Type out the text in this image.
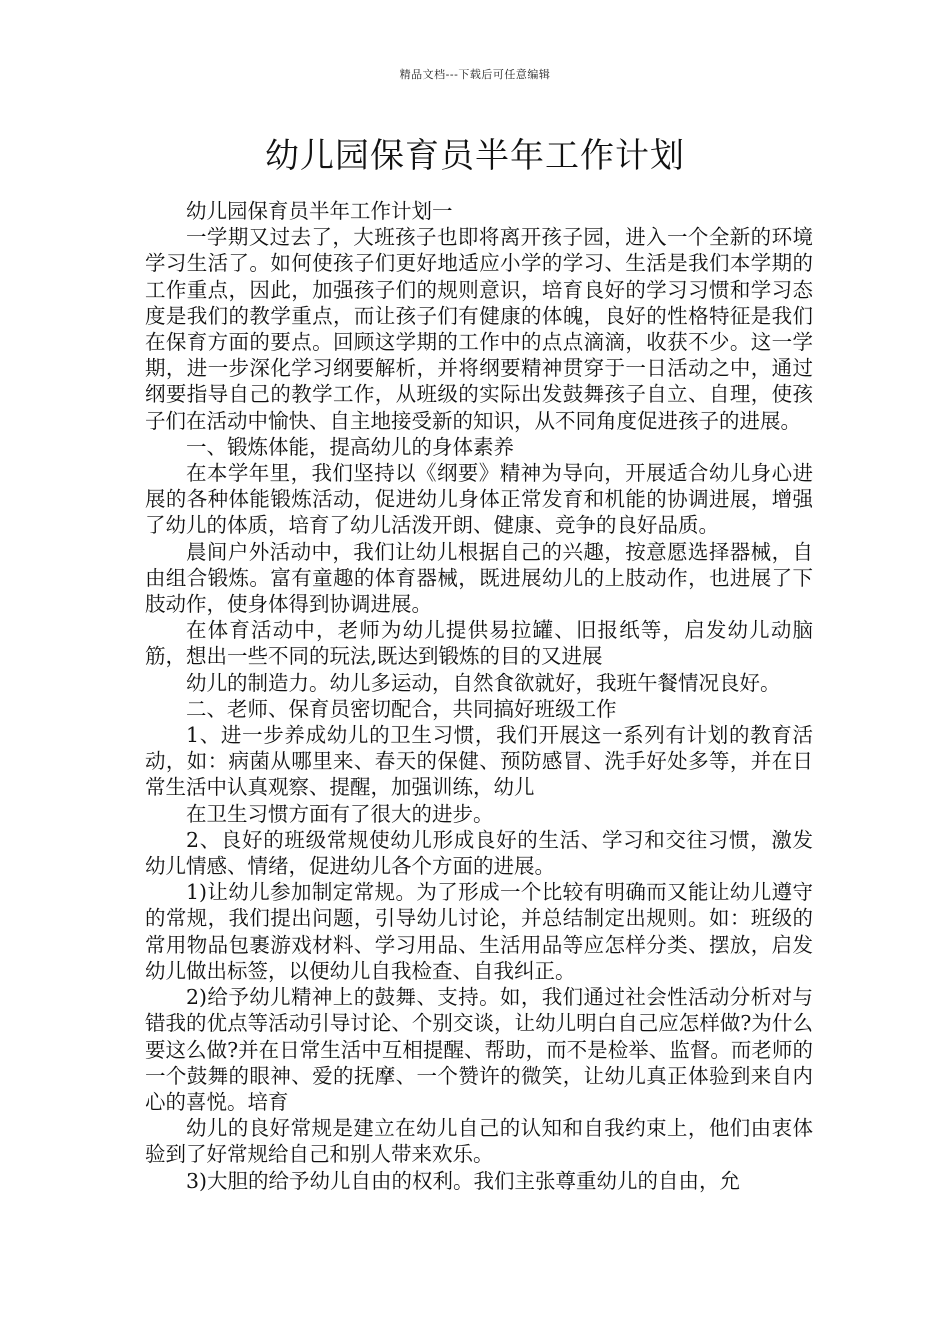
精品文档---下载后可任意编辑
幼儿园保育员半年工作计划

幼儿园保育员半年工作计划一

一学期又过去了，大班孩子也即将离开孩子园，进入一个全新的环境学习生活了。如何使孩子们更好地适应小学的学习、生活是我们本学期的工作重点，因此，加强孩子们的规则意识，培育良好的学习习惯和学习态度是我们的教学重点，而让孩子们有健康的体魄，良好的性格特征是我们在保育方面的要点。回顾这学期的工作中的点点滴滴，收获不少。这一学期，进一步深化学习纲要解析，并将纲要精神贯穿于一日活动之中，通过纲要指导自己的教学工作，从班级的实际出发鼓舞孩子自立、自理，使孩子们在活动中愉快、自主地接受新的知识，从不同角度促进孩子的进展。

一、锻炼体能，提高幼儿的身体素养

在本学年里，我们坚持以《纲要》精神为导向，开展适合幼儿身心进展的各种体能锻炼活动，促进幼儿身体正常发育和机能的协调进展，增强了幼儿的体质，培育了幼儿活泼开朗、健康、竞争的良好品质。

晨间户外活动中，我们让幼儿根据自己的兴趣，按意愿选择器械，自由组合锻炼。富有童趣的体育器械，既进展幼儿的上肢动作，也进展了下肢动作，使身体得到协调进展。

在体育活动中，老师为幼儿提供易拉罐、旧报纸等，启发幼儿动脑筋，想出一些不同的玩法,既达到锻炼的目的又进展

幼儿的制造力。幼儿多运动，自然食欲就好，我班午餐情况良好。

二、老师、保育员密切配合，共同搞好班级工作

1、进一步养成幼儿的卫生习惯，我们开展这一系列有计划的教育活动，如：病菌从哪里来、春天的保健、预防感冒、洗手好处多等，并在日常生活中认真观察、提醒，加强训练，幼儿

在卫生习惯方面有了很大的进步。

2、良好的班级常规使幼儿形成良好的生活、学习和交往习惯，激发幼儿情感、情绪，促进幼儿各个方面的进展。

1)让幼儿参加制定常规。为了形成一个比较有明确而又能让幼儿遵守的常规，我们提出问题，引导幼儿讨论，并总结制定出规则。如：班级的常用物品包裹游戏材料、学习用品、生活用品等应怎样分类、摆放，启发幼儿做出标签，以便幼儿自我检查、自我纠正。

2)给予幼儿精神上的鼓舞、支持。如，我们通过社会性活动分析对与错我的优点等活动引导讨论、个别交谈，让幼儿明白自己应怎样做?为什么要这么做?并在日常生活中互相提醒、帮助，而不是检举、监督。而老师的一个鼓舞的眼神、爱的抚摩、一个赞许的微笑，让幼儿真正体验到来自内心的喜悦。培育

幼儿的良好常规是建立在幼儿自己的认知和自我约束上，他们由衷体验到了好常规给自己和别人带来欢乐。

3)大胆的给予幼儿自由的权利。我们主张尊重幼儿的自由，允
